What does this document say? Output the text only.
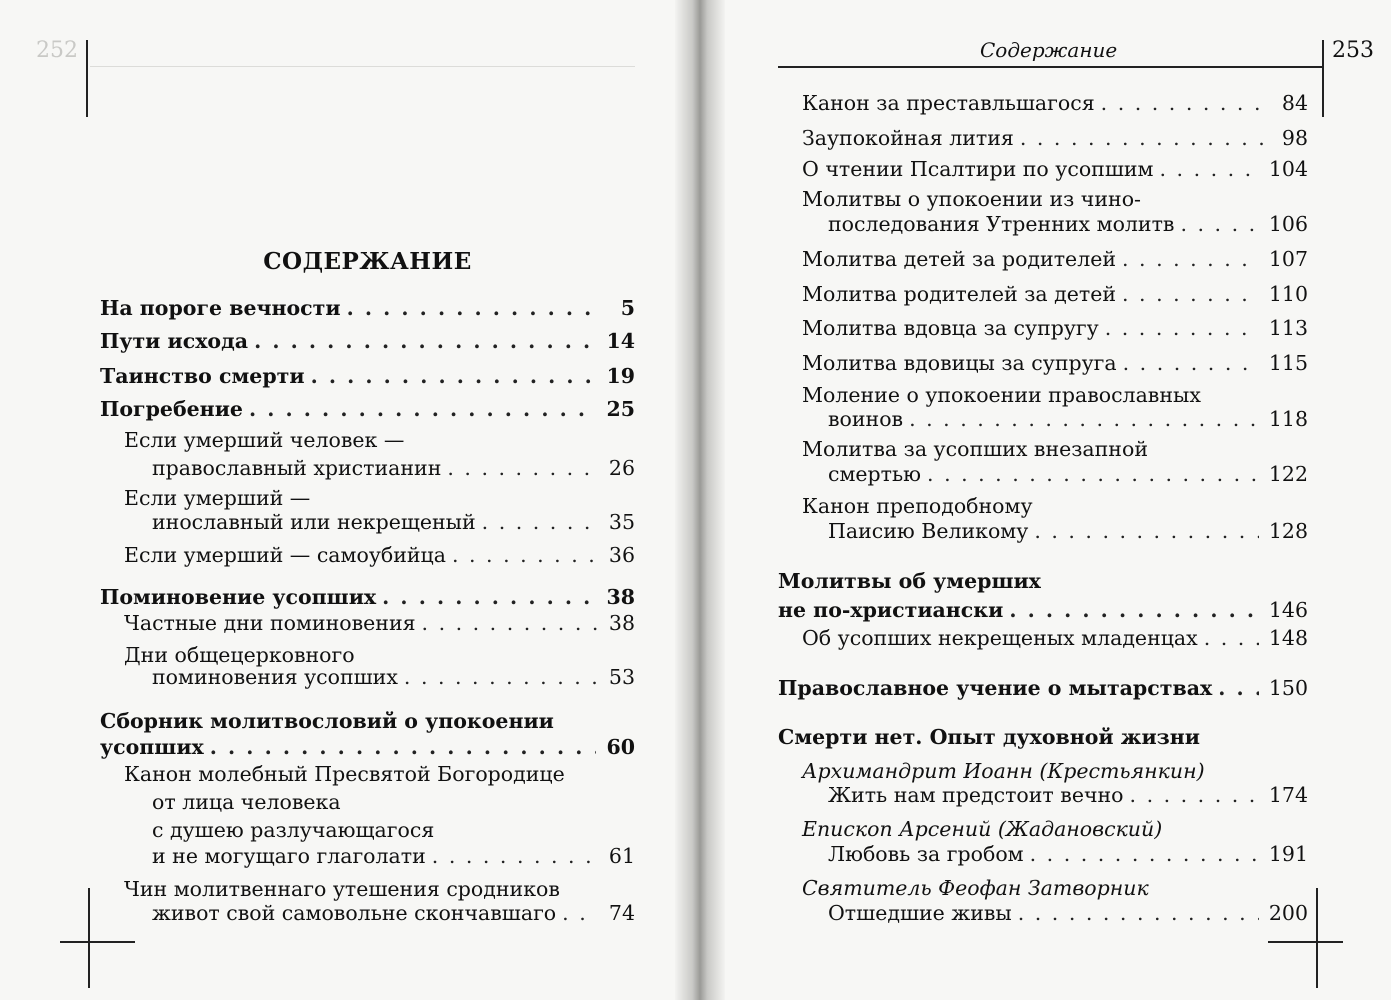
252	Содержание	253
СОДЕРЖАНИЕ
На пороге вечности . . .	5
Пути исхода . . .	14
Таинство смерти . . .	19
Погребение . . .	25
Если умерший человек —
православный христианин . . .	26
Если умерший —
инославный или некрещеный . . .	35
Если умерший — самоубийца . . .	36
Поминовение усопших . . .	38
Частные дни поминовения . . .	38
Дни общецерковного
поминовения усопших . . .	53
Сборник молитвословий о упокоении
усопших . . .	60
Канон молебный Пресвятой Богородице
от лица человека
с душею разлучающагося
и не могущаго глаголати . . .	61
Чин молитвеннаго утешения сродников
живот свой самовольне скончавшаго . . .	74
Канон за преставльшагося . . .	84
Заупокойная лития . . .	98
О чтении Псалтири по усопшим . . .	104
Молитвы о упокоении из чино-
последования Утренних молитв . . .	106
Молитва детей за родителей . . .	107
Молитва родителей за детей . . .	110
Молитва вдовца за супругу . . .	113
Молитва вдовицы за супруга . . .	115
Моление о упокоении православных
воинов . . .	118
Молитва за усопших внезапной
смертью . . .	122
Канон преподобному
Паисию Великому . . .	128
Молитвы об умерших
не по-христиански . . .	146
Об усопших некрещеных младенцах . . .	148
Православное учение о мытарствах . . .	150
Смерти нет. Опыт духовной жизни
Архимандрит Иоанн (Крестьянкин)
Жить нам предстоит вечно . . .	174
Епископ Арсений (Жадановский)
Любовь за гробом . . .	191
Святитель Феофан Затворник
Отшедшие живы . . .	200
